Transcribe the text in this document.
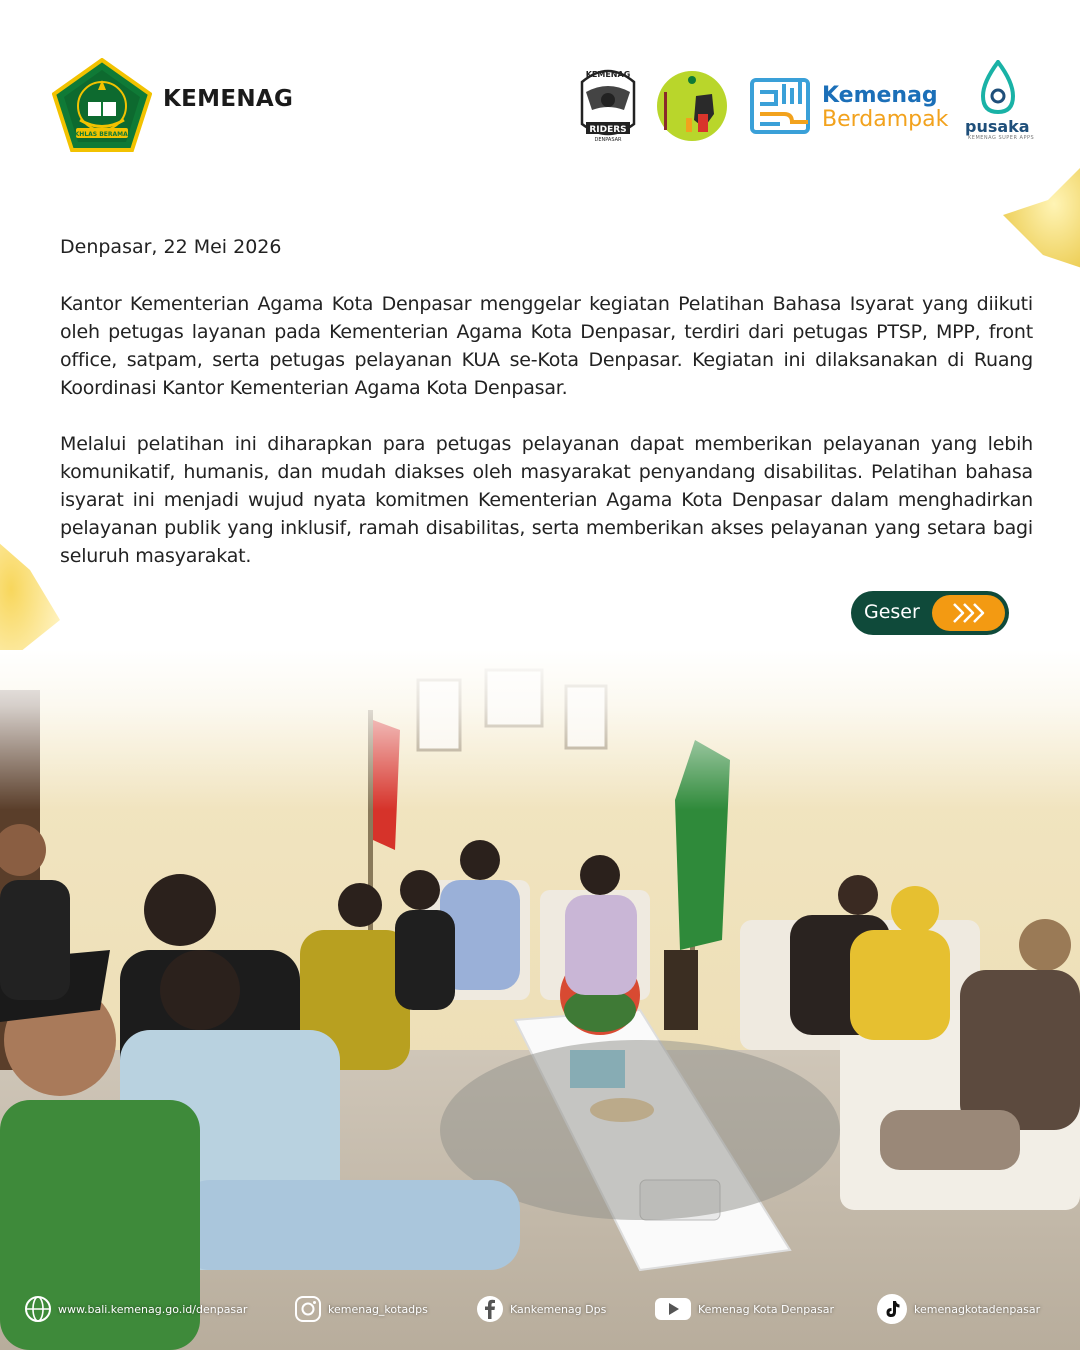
IKHLAS BERAMAL
KEMENAG
KEMENAG
RIDERS
DENPASAR
Kemenag
Berdampak pusaka
KEMENAG SUPER APPS
Denpasar, 22 Mei 2026
Kantor Kementerian Agama Kota Denpasar menggelar kegiatan Pelatihan Bahasa Isyarat yang diikuti oleh petugas layanan pada Kementerian Agama Kota Denpasar, terdiri dari petugas PTSP, MPP, front office, satpam, serta petugas pelayanan KUA se-Kota Denpasar. Kegiatan ini dilaksanakan di Ruang Koordinasi Kantor Kementerian Agama Kota Denpasar.
Melalui pelatihan ini diharapkan para petugas pelayanan dapat memberikan pelayanan yang lebih komunikatif, humanis, dan mudah diakses oleh masyarakat penyandang disabilitas. Pelatihan bahasa isyarat ini menjadi wujud nyata komitmen Kementerian Agama Kota Denpasar dalam menghadirkan pelayanan publik yang inklusif, ramah disabilitas, serta memberikan akses pelayanan yang setara bagi seluruh masyarakat.
Geser
www.bali.kemenag.go.id/denpasar	kemenag_kotadps	Kankemenag Dps	Kemenag Kota Denpasar	kemenagkotadenpasar
